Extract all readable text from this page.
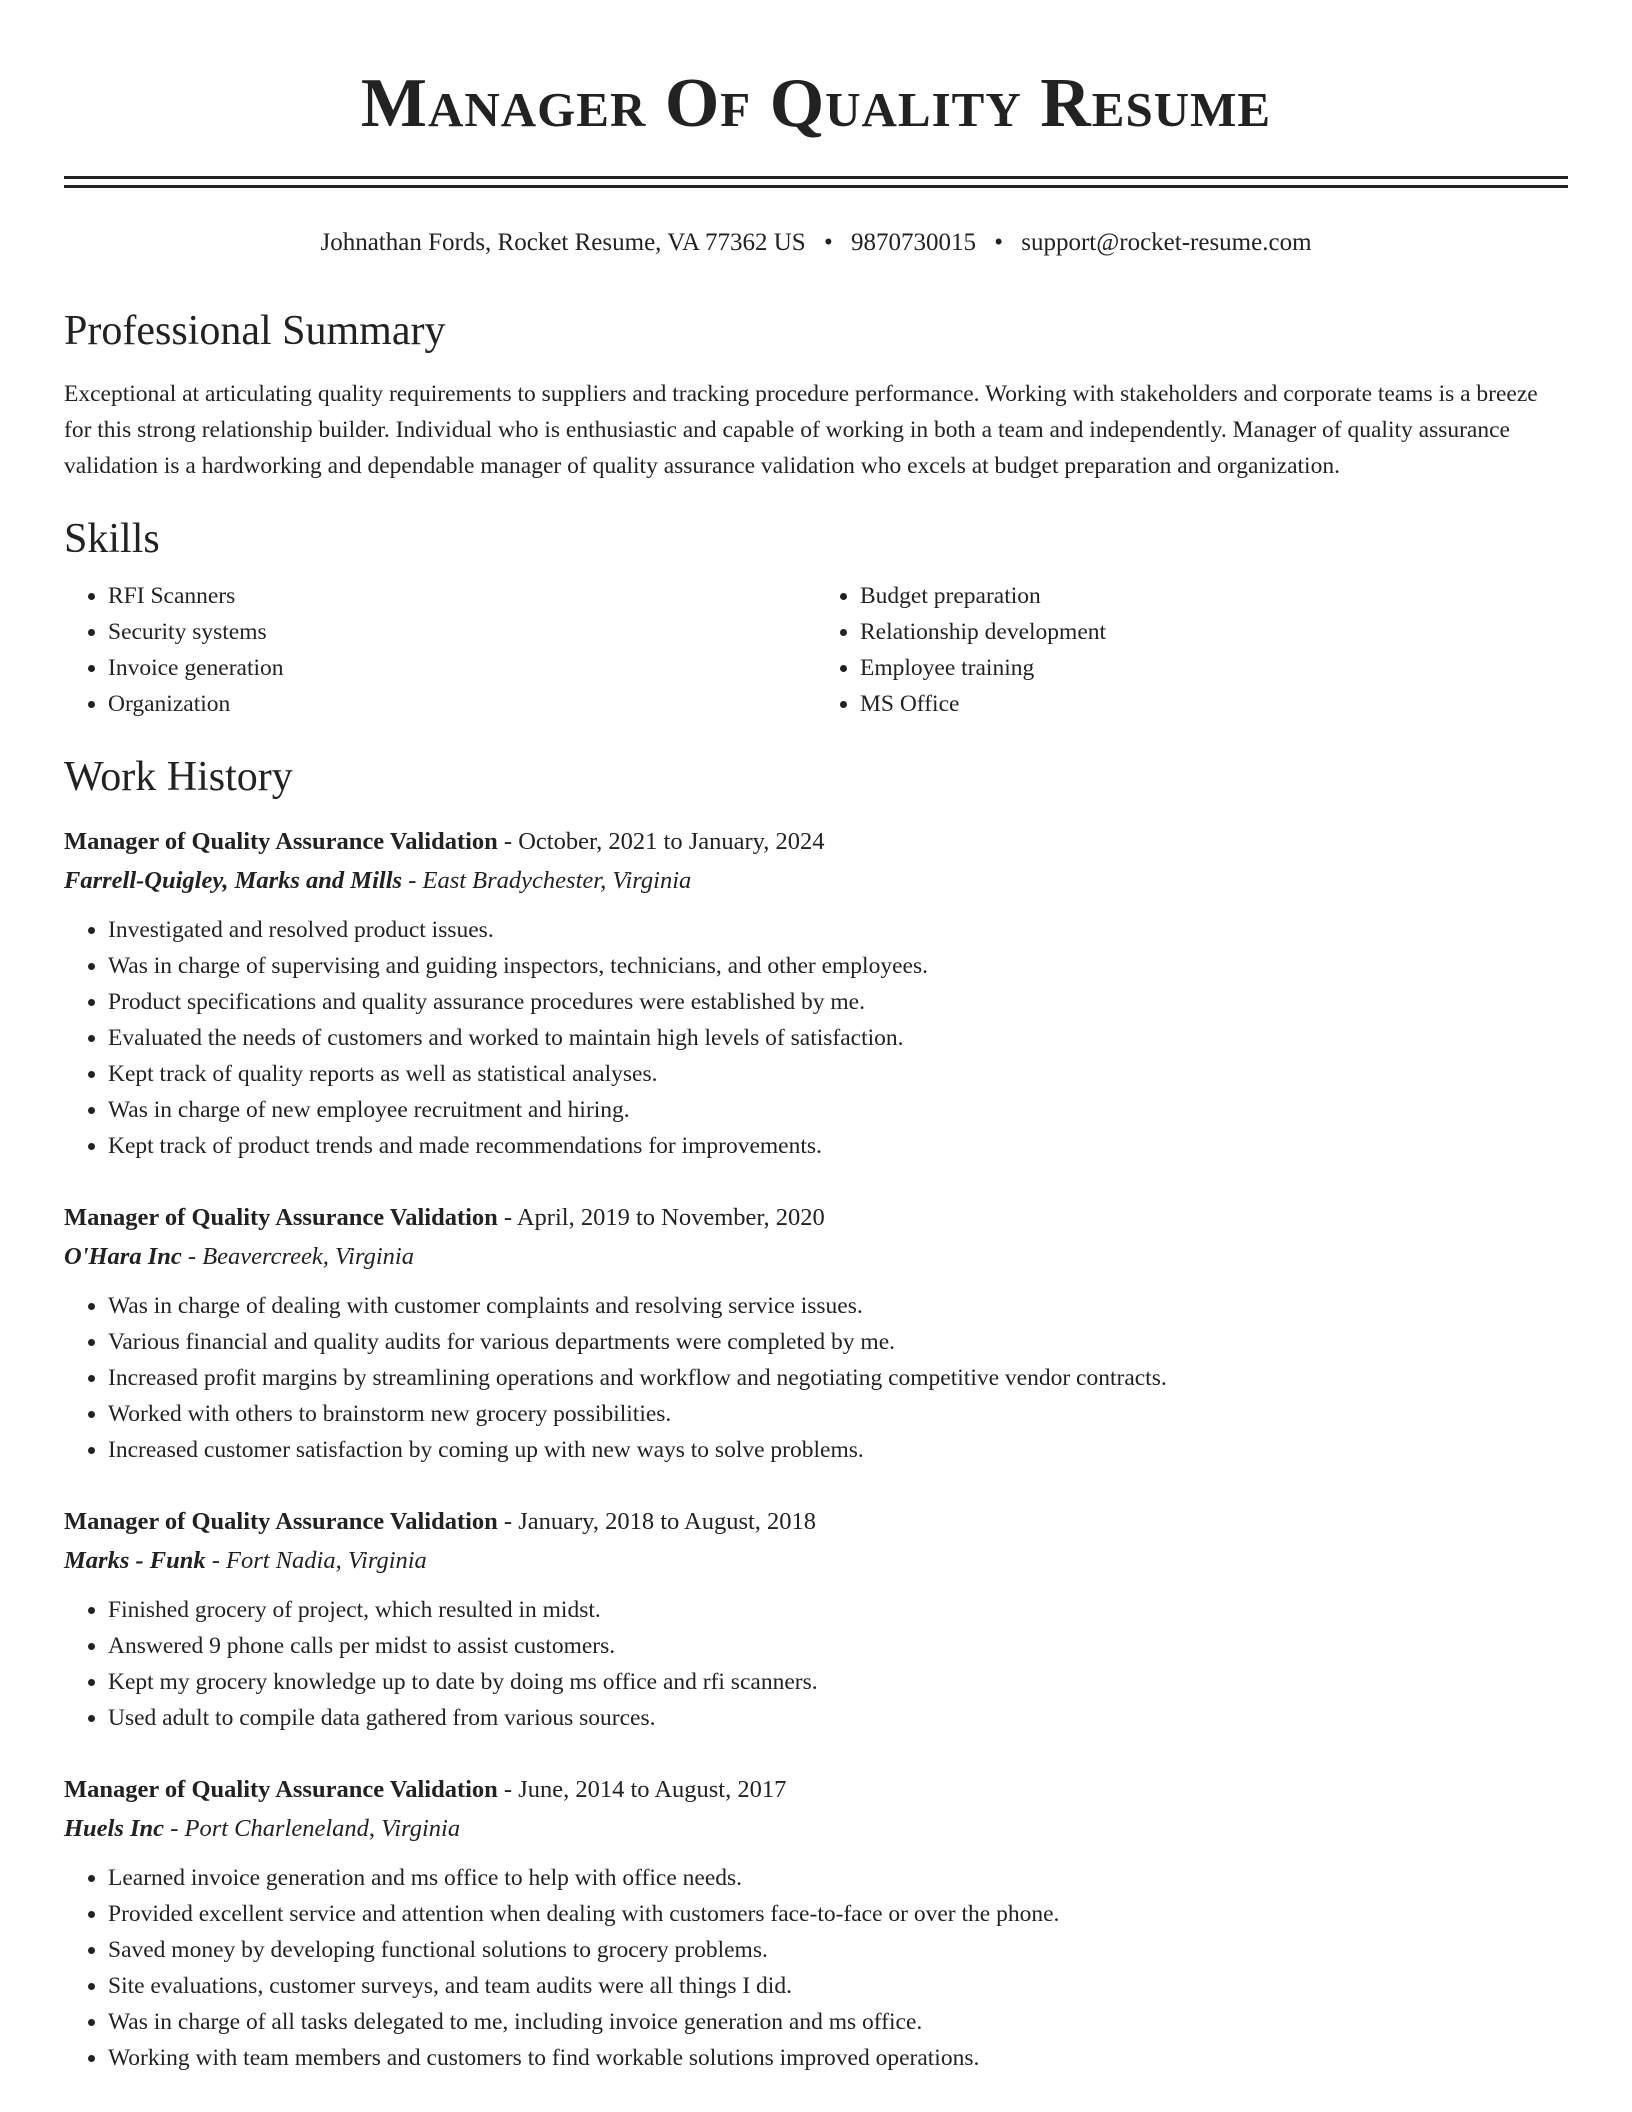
Manager Of Quality Resume
Johnathan Fords, Rocket Resume, VA 77362 US • 9870730015 • support@rocket-resume.com
Professional Summary

Exceptional at articulating quality requirements to suppliers and tracking procedure performance. Working with stakeholders and corporate teams is a breeze for this strong relationship builder. Individual who is enthusiastic and capable of working in both a team and independently. Manager of quality assurance validation is a hardworking and dependable manager of quality assurance validation who excels at budget preparation and organization.

Skills
• RFI Scanners
• Security systems
• Invoice generation
• Organization
• Budget preparation
• Relationship development
• Employee training
• MS Office
Work History
Manager of Quality Assurance Validation - October, 2021 to January, 2024
Farrell-Quigley, Marks and Mills - East Bradychester, Virginia
• Investigated and resolved product issues.
• Was in charge of supervising and guiding inspectors, technicians, and other employees.
• Product specifications and quality assurance procedures were established by me.
• Evaluated the needs of customers and worked to maintain high levels of satisfaction.
• Kept track of quality reports as well as statistical analyses.
• Was in charge of new employee recruitment and hiring.
• Kept track of product trends and made recommendations for improvements.
Manager of Quality Assurance Validation - April, 2019 to November, 2020
O'Hara Inc - Beavercreek, Virginia
• Was in charge of dealing with customer complaints and resolving service issues.
• Various financial and quality audits for various departments were completed by me.
• Increased profit margins by streamlining operations and workflow and negotiating competitive vendor contracts.
• Worked with others to brainstorm new grocery possibilities.
• Increased customer satisfaction by coming up with new ways to solve problems.
Manager of Quality Assurance Validation - January, 2018 to August, 2018
Marks - Funk - Fort Nadia, Virginia
• Finished grocery of project, which resulted in midst.
• Answered 9 phone calls per midst to assist customers.
• Kept my grocery knowledge up to date by doing ms office and rfi scanners.
• Used adult to compile data gathered from various sources.
Manager of Quality Assurance Validation - June, 2014 to August, 2017
Huels Inc - Port Charleneland, Virginia
• Learned invoice generation and ms office to help with office needs.
• Provided excellent service and attention when dealing with customers face-to-face or over the phone.
• Saved money by developing functional solutions to grocery problems.
• Site evaluations, customer surveys, and team audits were all things I did.
• Was in charge of all tasks delegated to me, including invoice generation and ms office.
• Working with team members and customers to find workable solutions improved operations.
